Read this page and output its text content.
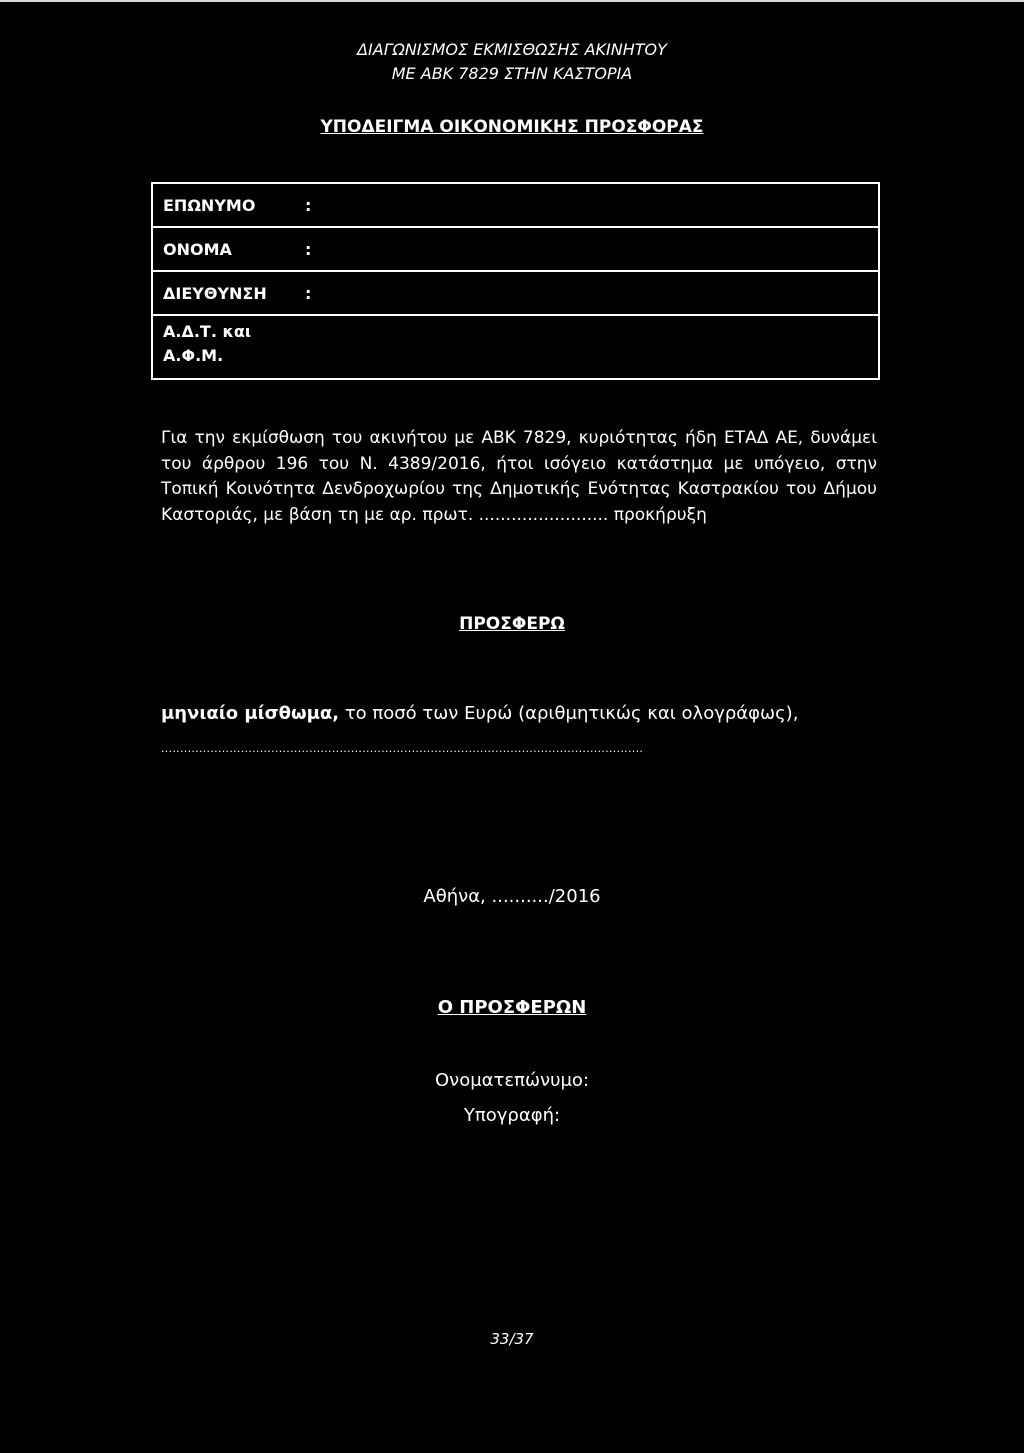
ΔΙΑΓΩΝΙΣΜΟΣ ΕΚΜΙΣΘΩΣΗΣ ΑΚΙΝΗΤΟΥ
ΜΕ ΑΒΚ 7829 ΣΤΗΝ ΚΑΣΤΟΡΙΑ
ΥΠΟΔΕΙΓΜΑ ΟΙΚΟΝΟΜΙΚΗΣ ΠΡΟΣΦΟΡΑΣ
ΕΠΩΝΥΜΟ	:
ΟΝΟΜΑ	:
ΔΙΕΥΘΥΝΣΗ :
Α.Δ.Τ. και
Α.Φ.Μ.
Για την εκμίσθωση του ακινήτου με ΑΒΚ 7829, κυριότητας ήδη ΕΤΑΔ ΑΕ, δυνάμει του άρθρου 196 του Ν. 4389/2016, ήτοι ισόγειο κατάστημα με υπόγειο, στην Τοπική Κοινότητα Δενδροχωρίου της Δημοτικής Ενότητας Καστρακίου του Δήμου Καστοριάς, με βάση τη με αρ. πρωτ. ........................ προκήρυξη
ΠΡΟΣΦΕΡΩ
μηνιαίο μίσθωμα, το ποσό των Ευρώ (αριθμητικώς και ολογράφως),
...............................................................................................................................
Αθήνα, ........../2016
Ο ΠΡΟΣΦΕΡΩΝ
Ονοματεπώνυμο:
Υπογραφή:
33/37
